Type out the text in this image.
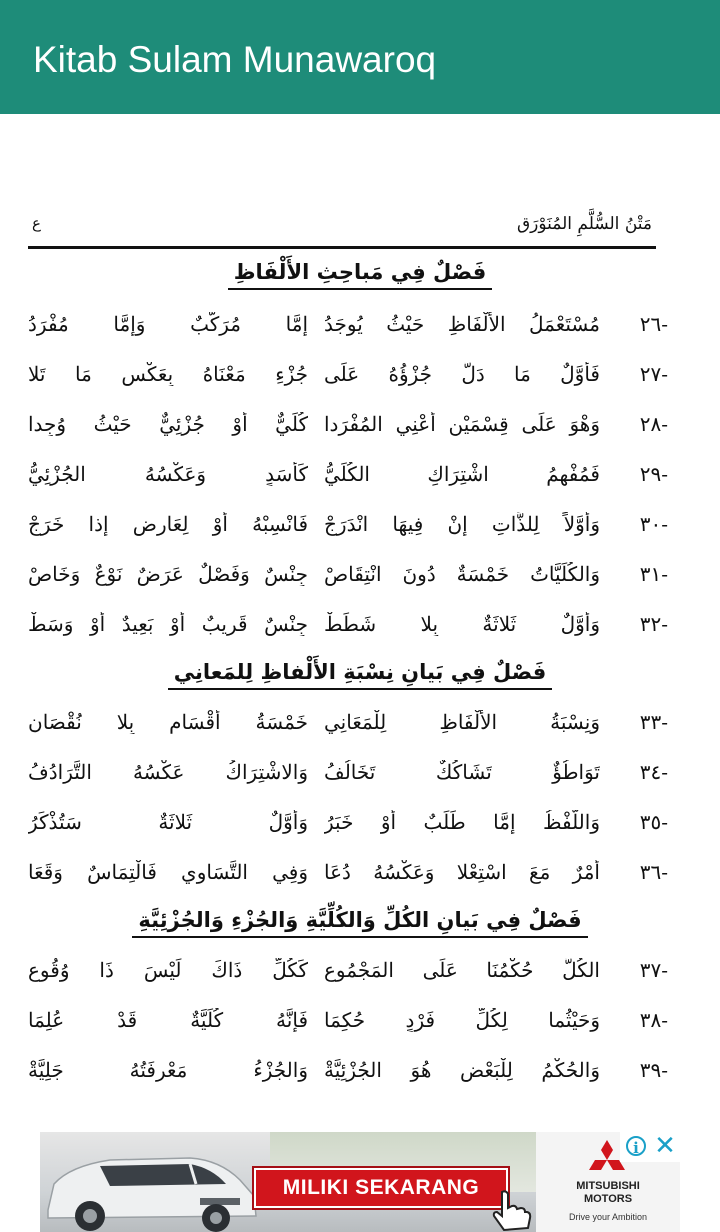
Kitab Sulam Munawaroq
مَتْنُ السُّلَّمِ المُنَوْرَق
ع
فَصْلٌ فِي مَباحِثِ الأَلْفَاظِ
-٢٦
مُسْتَعْمَلُ الأَلْفَاظِ حَيْثُ يُوجَدُ
إِمَّا مُرَكَّبٌ وَإِمَّا مُفْرَدُ
-٢٧
فَأَوَّلٌ مَا دَلَّ جُزْؤُهُ عَلَى
جُزْءِ مَعْنَاهُ بِعَكْسِ مَا تَلا
-٢٨
وَهْوَ عَلَى قِسْمَيْنِ أَعْنِي المُفْرَدا
كُلِّيٌّ أَوْ جُزْئِيٌّ حَيْثُ وُجِدا
-٢٩
فَمُفْهِمُ اشْتِرَاكِ الكُلِّيُّ
كَأَسَدٍ وَعَكْسُهُ الجُزْئِيُّ
-٣٠
وَأَوَّلاً لِلذَّاتِ إِنْ فِيهَا انْدَرَجْ
فَانْسِبْهُ أَوْ لِعَارِضٍ إِذا خَرَجْ
-٣١
وَالكُلِّيَّاتُ خَمْسَةٌ دُونَ انْتِقَاصْ
جِنْسٌ وَفَصْلٌ عَرَضٌ نَوْعٌ وَخَاصْ
-٣٢
وَأَوَّلٌ ثَلاثَةٌ بِلا شَطَطْ
جِنْسٌ قَرِيبٌ أَوْ بَعِيدٌ أَوْ وَسَطْ
فَصْلٌ فِي بَيانِ نِسْبَةِ الأَلْفاظِ لِلمَعانِي
-٣٣
وَنِسْبَةُ الأَلْفَاظِ لِلْمَعَانِي
خَمْسَةُ أَقْسَامٍ بِلا نُقْصَانِ
-٣٤
تَوَاطُؤٌ تَشَاكُكٌ تَخَالُفُ
وَالاشْتِرَاكُ عَكْسُهُ التَّرَادُفُ
-٣٥
وَاللَّفْظُ إِمَّا طَلَبٌ أَوْ خَبَرُ
وَأَوَّلٌ ثَلاثَةٌ سَتُذْكَرُ
-٣٦
أَمْرٌ مَعَ اسْتِعْلا وَعَكْسُهُ دُعَا
وَفِي التَّسَاوِي فَالْتِمَاسٌ وَقَعَا
فَصْلٌ فِي بَيانِ الكُلِّ وَالكُلِّيَّةِ وَالجُزْءِ وَالجُزْئِيَّةِ
-٣٧
الكُلُّ حُكْمُنَا عَلَى المَجْمُوعِ
كَكُلِّ ذَاكَ لَيْسَ ذَا وُقُوعِ
-٣٨
وَحَيْثُما لِكُلِّ فَرْدٍ حُكِمَا
فَإِنَّهُ كُلِّيَّةٌ قَدْ عُلِمَا
-٣٩
وَالحُكْمُ لِلْبَعْضِ هُوَ الجُزْئِيَّةْ
وَالجُزْءُ مَعْرِفَتُهُ جَلِيَّةْ
MILIKI SEKARANG	MITSUBISHI
MOTORS
Drive your Ambition
i ✕
